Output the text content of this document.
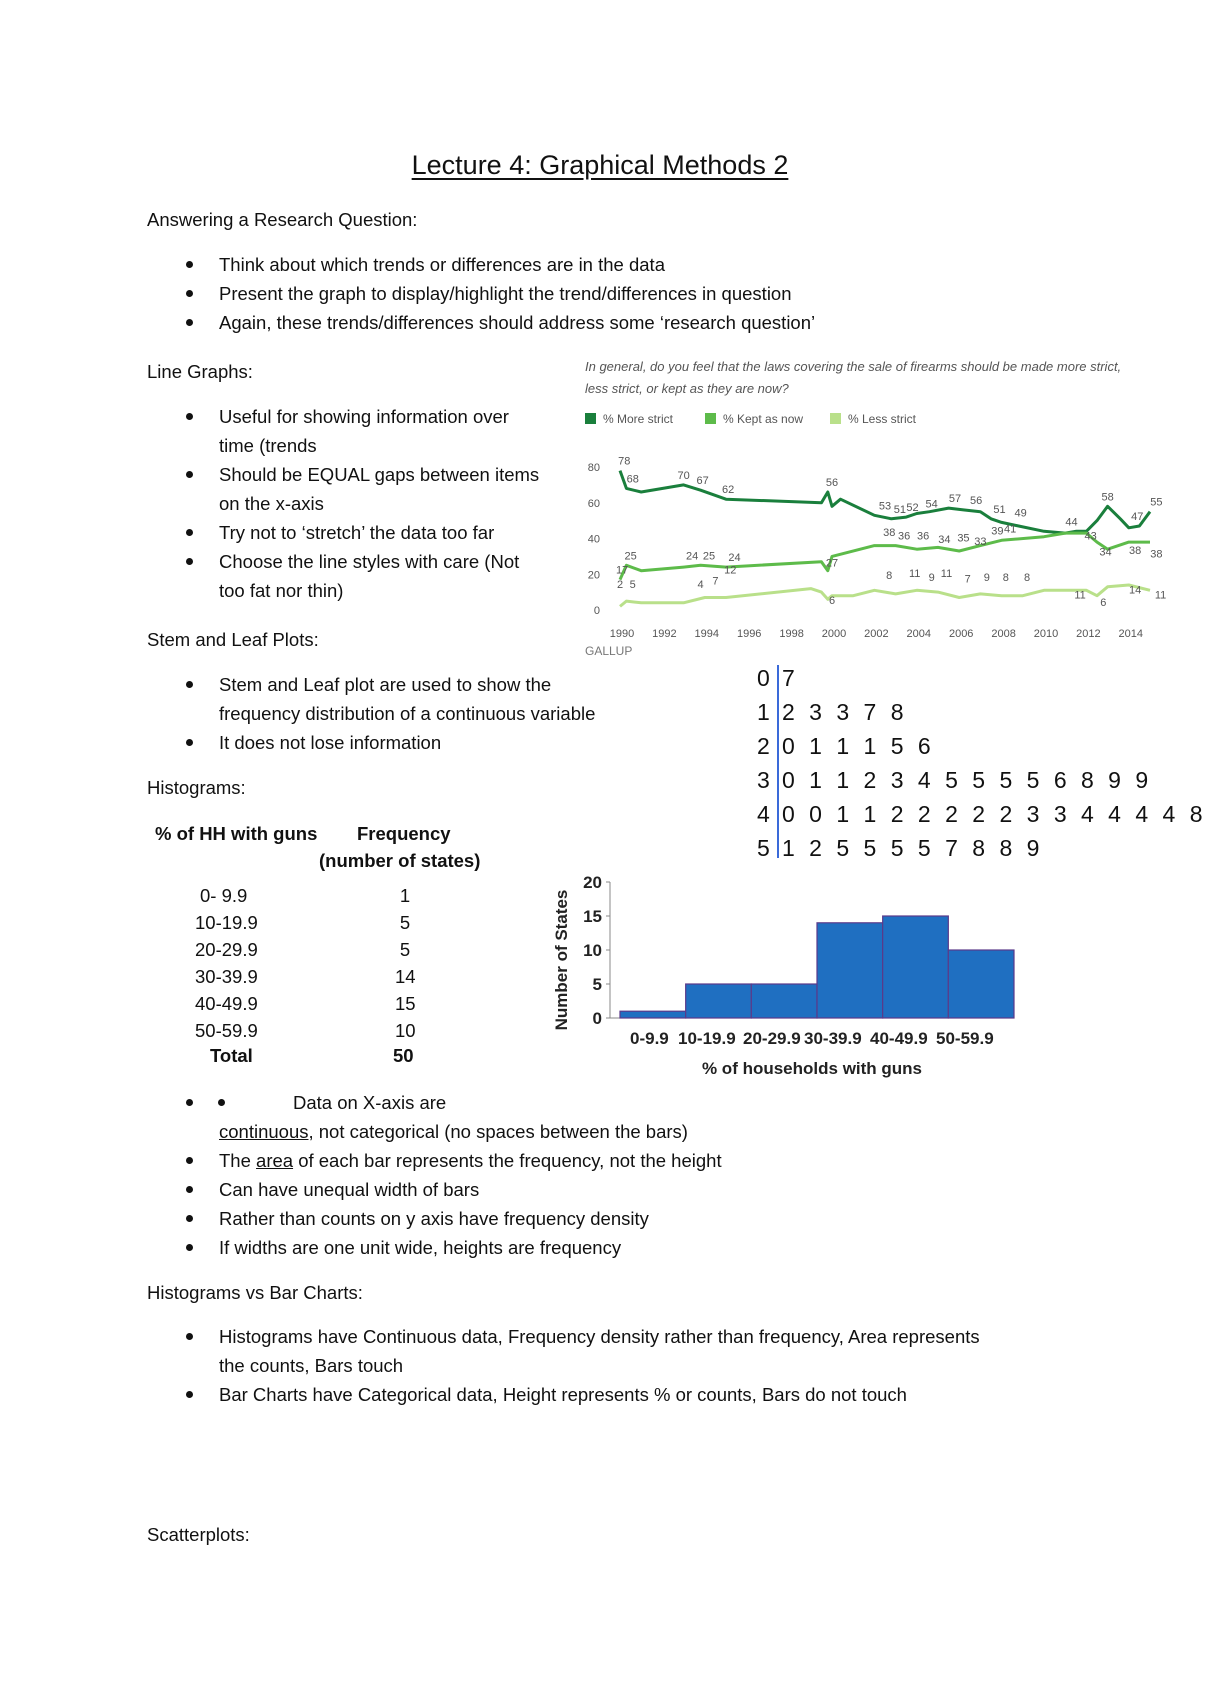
Lecture 4: Graphical Methods 2
Answering a Research Question:
Think about which trends or differences are in the data
Present the graph to display/highlight the trend/differences in question
Again, these trends/differences should address some ‘research question’
Line Graphs:
Useful for showing information over
time (trends
Should be EQUAL gaps between items
on the x-axis
Try not to ‘stretch’ the data too far
Choose the line styles with care (Not
too fat nor thin)
In general, do you feel that the laws covering the sale of firearms should be made more strict,
less strict, or kept as they are now?
% More strict	% Kept as now	% Less strict
0
20
40
60
80
1990 1992 1994 1996 1998 2000 2002 2004 2006 2008 2010 2012 2014
78
68	70 67
62
56
53 51 52 54 57 56
51 49
44
58
47
55
25
17
24 25 24	27
38 36 36 34 35 33
39 41
43
34 38 38
2 5	4 7
12
6
8 11 9 11 7 9 8 8
11
6
14 11
GALLUP
Stem and Leaf Plots:
Stem and Leaf plot are used to show the
frequency distribution of a continuous variable
It does not lose information
0 7
1 2 3 3 7 8
2 0 1 1 1 5 6
3 0 1 1 2 3 4 5 5 5 5 6 8 9 9
4 0 0 1 1 2 2 2 2 2 3 3 4 4 4 4 8
5 1 2 5 5 5 5 7 8 8 9
Histograms:
% of HH with guns Frequency
(number of states)
0- 9.9	1
10-19.9	5
20-29.9	5
30-39.9	14
40-49.9	15
50-59.9	10
Total	50
0
5
10
15
20
0-9.9 10-19.9 20-29.9 30-39.9 40-49.9 50-59.9
% of households with guns
Number of States
Data on X-axis are
continuous, not categorical (no spaces between the bars)
The area of each bar represents the frequency, not the height
Can have unequal width of bars
Rather than counts on y axis have frequency density
If widths are one unit wide, heights are frequency
Histograms vs Bar Charts:
Histograms have Continuous data, Frequency density rather than frequency, Area represents
the counts, Bars touch
Bar Charts have Categorical data, Height represents % or counts, Bars do not touch
Scatterplots:
